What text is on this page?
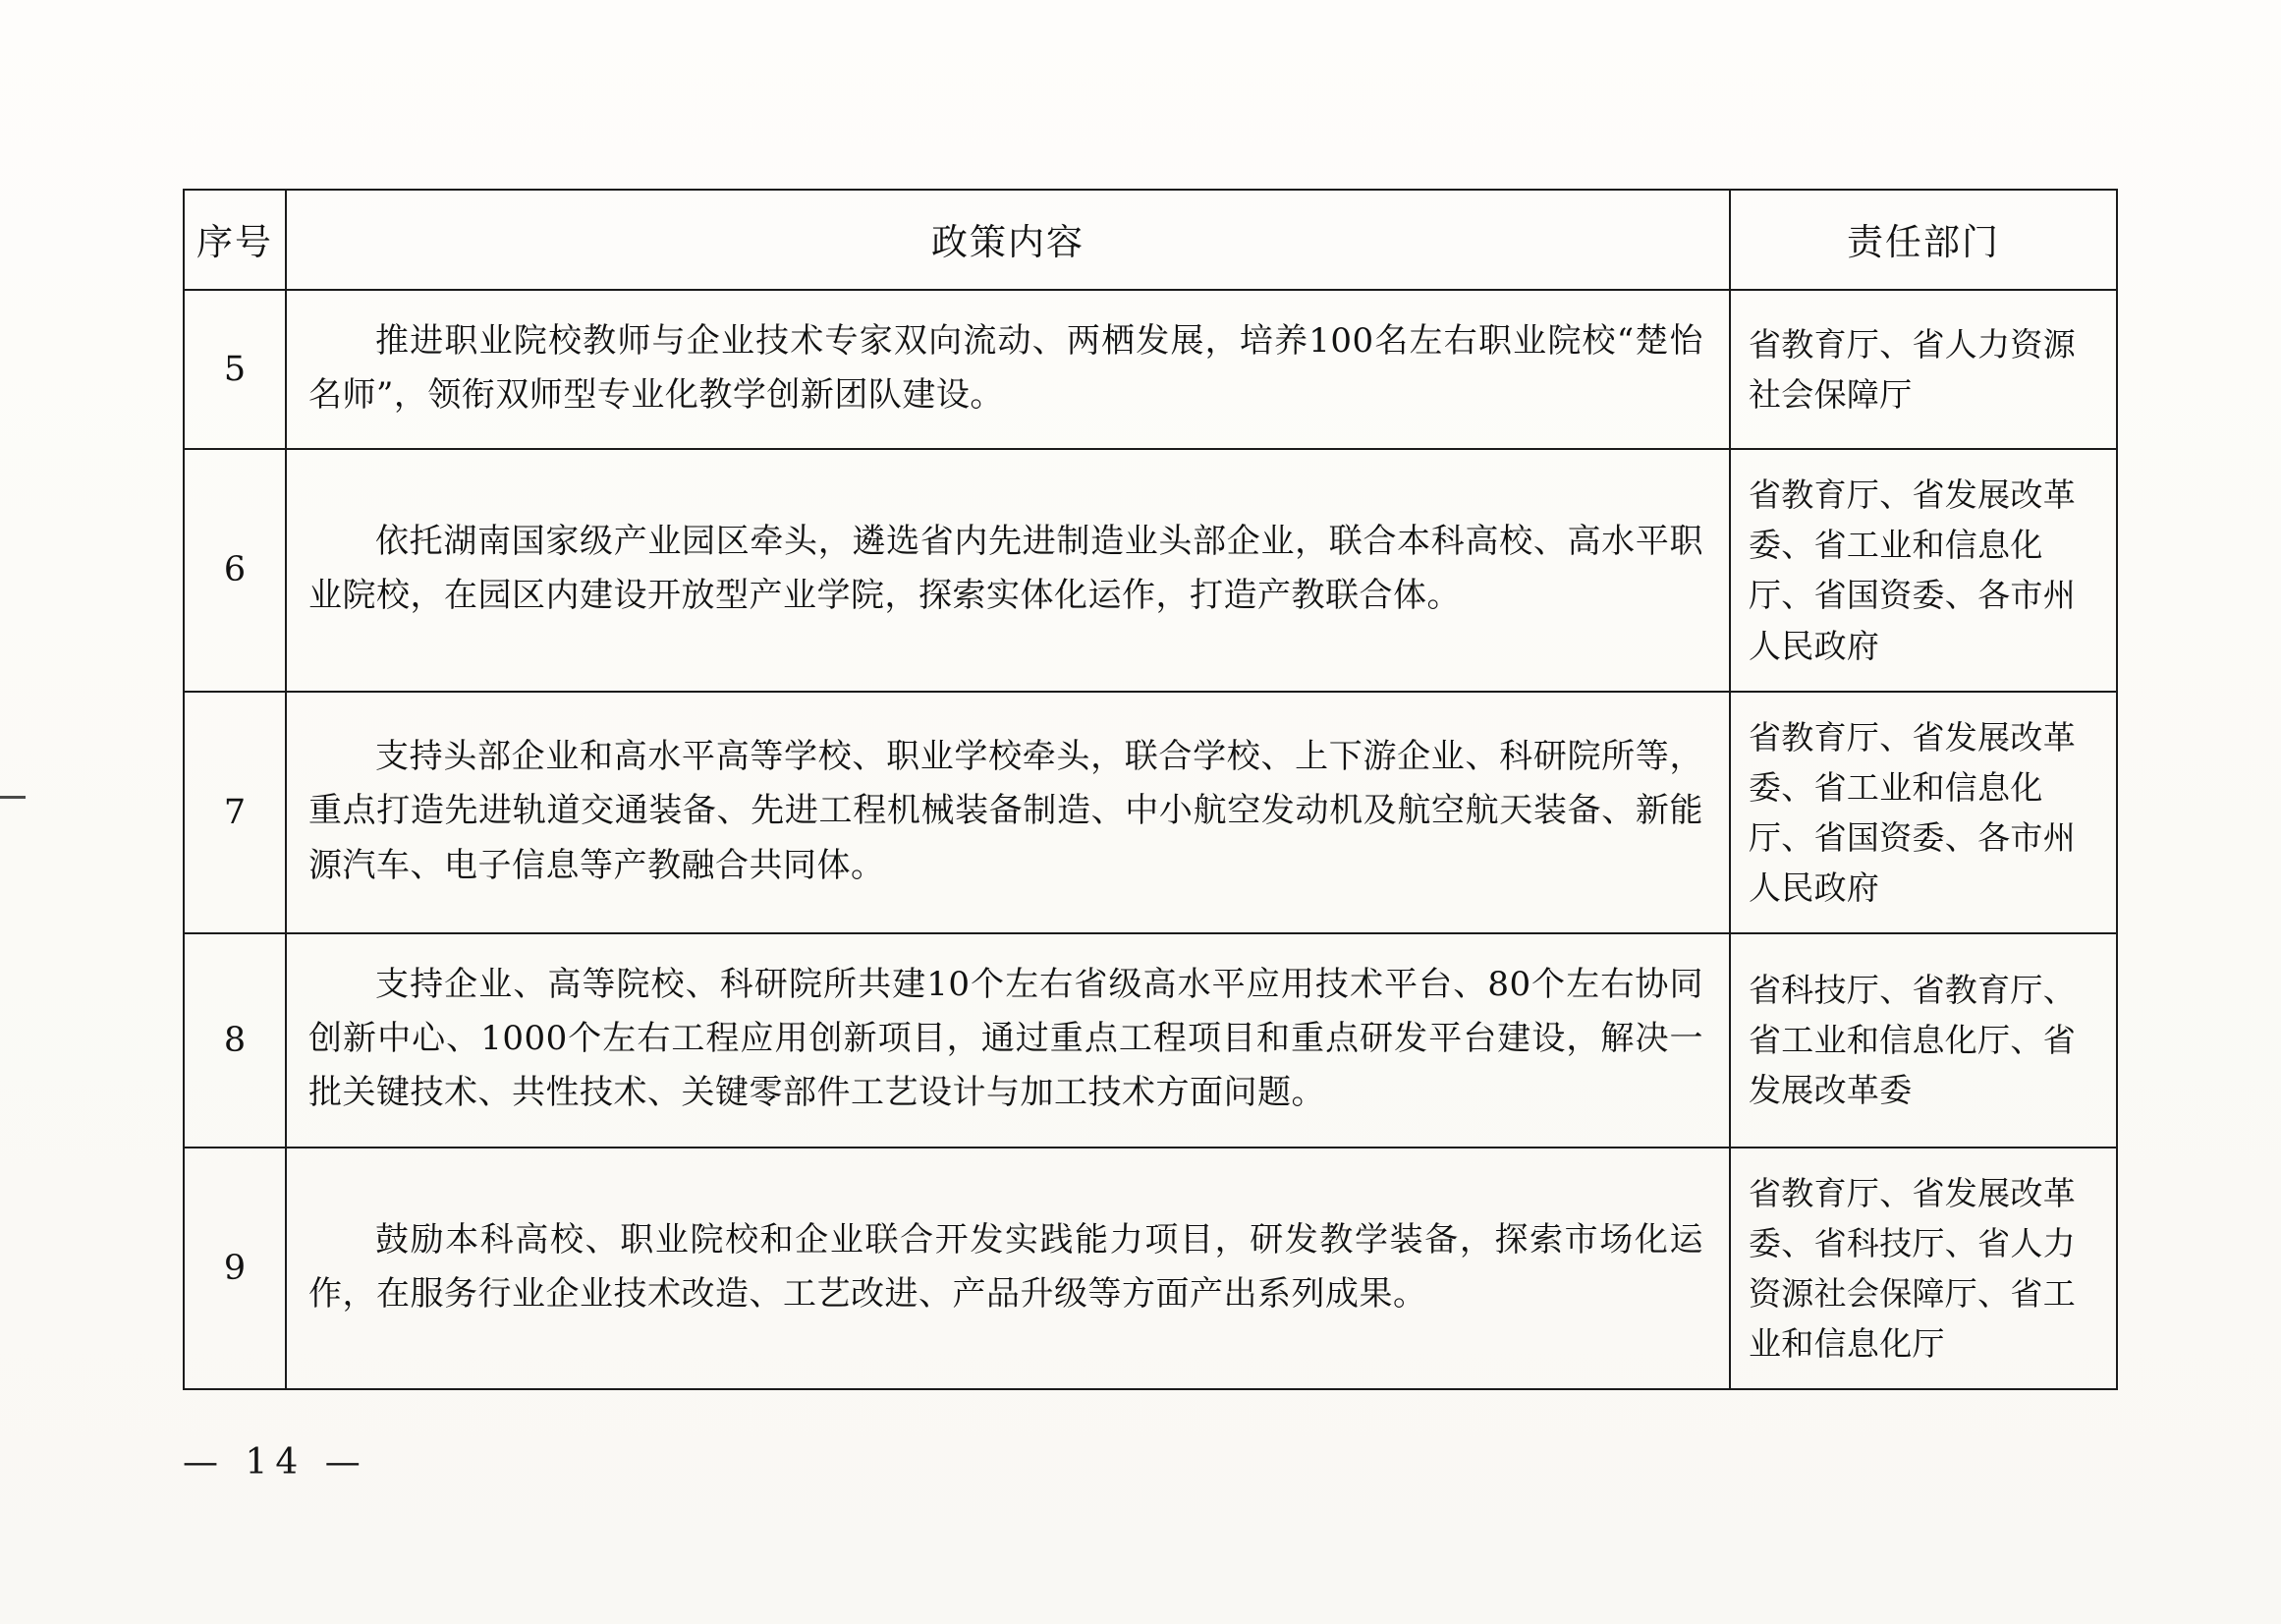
序号	政策内容	责任部门
5	推进职业院校教师与企业技术专家双向流动、两栖发展，培养100名左右职业院校“楚怡名师”，领衔双师型专业化教学创新团队建设。	省教育厅、省人力资源社会保障厅

6	依托湖南国家级产业园区牵头，遴选省内先进制造业头部企业，联合本科高校、高水平职业院校，在园区内建设开放型产业学院，探索实体化运作，打造产教联合体。	省教育厅、省发展改革委、省工业和信息化厅、省国资委、各市州人民政府

7	支持头部企业和高水平高等学校、职业学校牵头，联合学校、上下游企业、科研院所等，重点打造先进轨道交通装备、先进工程机械装备制造、中小航空发动机及航空航天装备、新能源汽车、电子信息等产教融合共同体。	省教育厅、省发展改革委、省工业和信息化厅、省国资委、各市州人民政府

8	支持企业、高等院校、科研院所共建10个左右省级高水平应用技术平台、80个左右协同创新中心、1000个左右工程应用创新项目，通过重点工程项目和重点研发平台建设，解决一批关键技术、共性技术、关键零部件工艺设计与加工技术方面问题。	省科技厅、省教育厅、省工业和信息化厅、省发展改革委

9	鼓励本科高校、职业院校和企业联合开发实践能力项目，研发教学装备，探索市场化运作，在服务行业企业技术改造、工艺改进、产品升级等方面产出系列成果。	省教育厅、省发展改革委、省科技厅、省人力资源社会保障厅、省工业和信息化厅

— 14 —
